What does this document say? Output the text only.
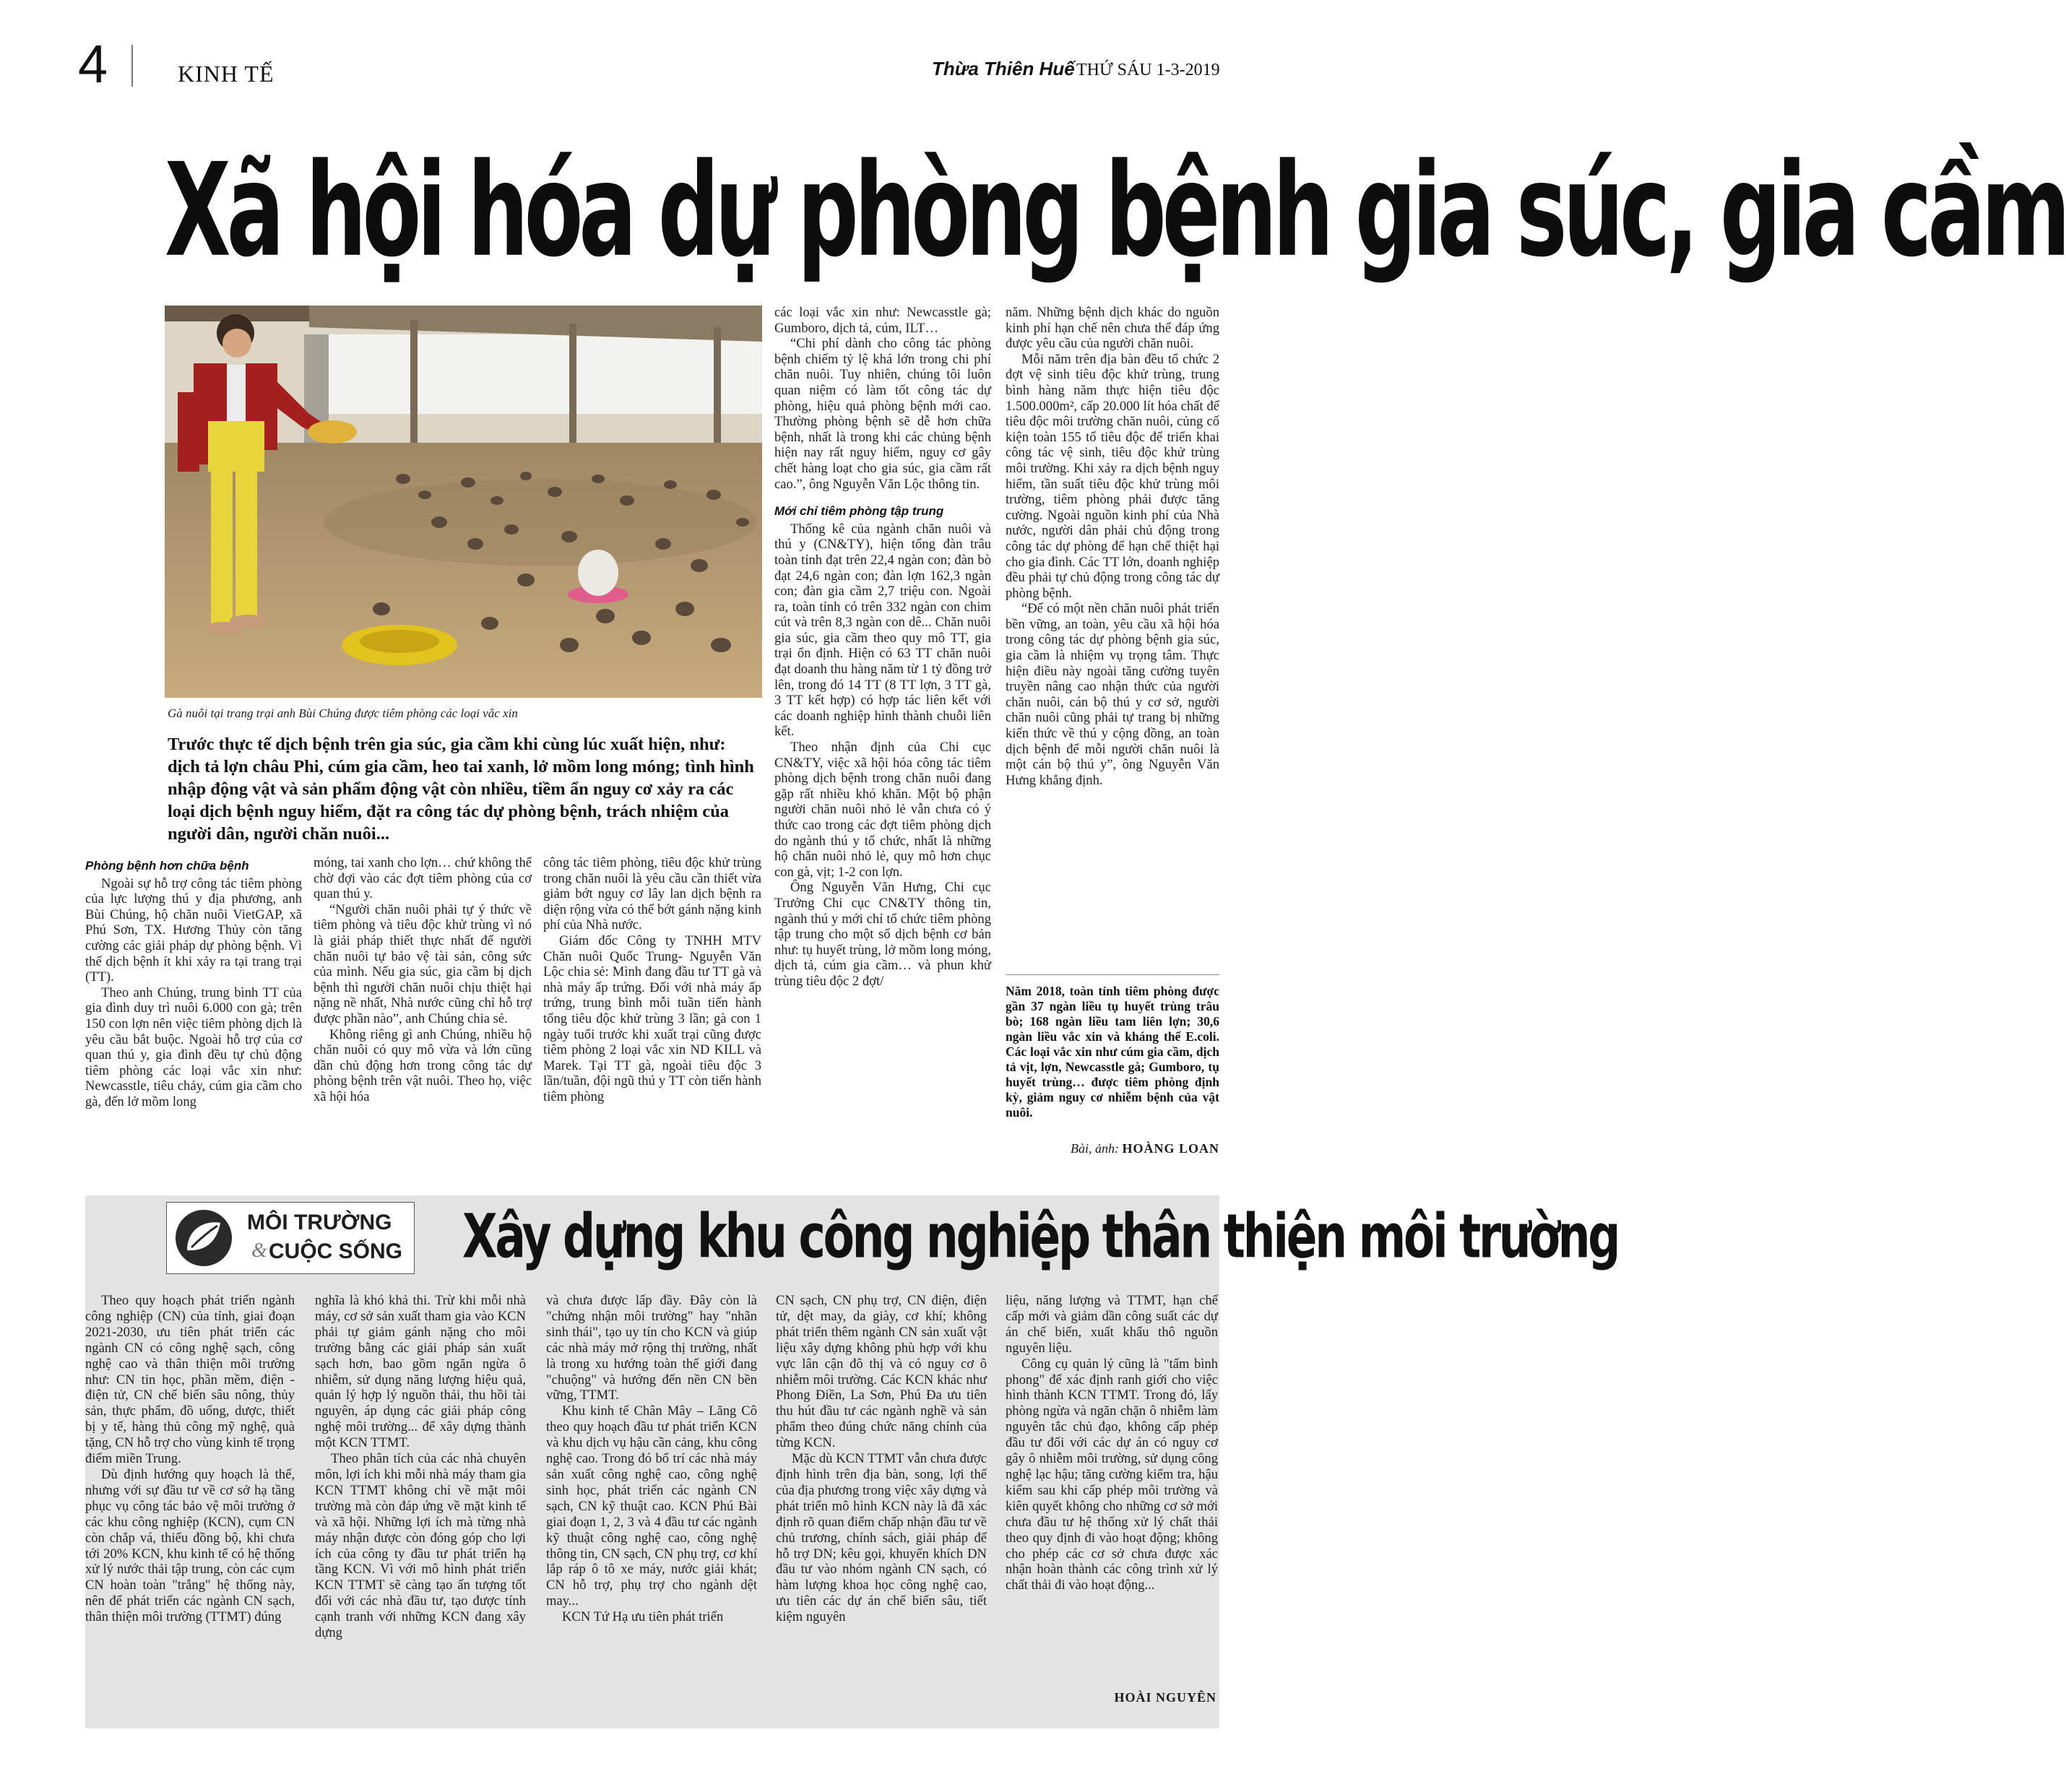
4	KINH TẾ	Thừa Thiên Huế THỨ SÁU 1-3-2019
Xã hội hóa dự phòng bệnh gia súc, gia cầm
Gà nuôi tại trang trại anh Bùi Chúng được tiêm phòng các loại vắc xin
Trước thực tế dịch bệnh trên gia súc, gia cầm khi cùng lúc xuất hiện, như: dịch tả lợn châu Phi, cúm gia cầm, heo tai xanh, lở mồm long móng; tình hình nhập động vật và sản phẩm động vật còn nhiều, tiềm ẩn nguy cơ xảy ra các loại dịch bệnh nguy hiểm, đặt ra công tác dự phòng bệnh, trách nhiệm của người dân, người chăn nuôi...
Phòng bệnh hơn chữa bệnh

Ngoài sự hỗ trợ công tác tiêm phòng của lực lượng thú y địa phương, anh Bùi Chúng, hộ chăn nuôi VietGAP, xã Phú Sơn, TX. Hương Thủy còn tăng cường các giải pháp dự phòng bệnh. Vì thế dịch bệnh ít khi xảy ra tại trang trại (TT).

Theo anh Chúng, trung bình TT của gia đình duy trì nuôi 6.000 con gà; trên 150 con lợn nên việc tiêm phòng dịch là yêu cầu bắt buộc. Ngoài hỗ trợ của cơ quan thú y, gia đình đều tự chủ động tiêm phòng các loại vắc xin như: Newcasstle, tiêu chảy, cúm gia cầm cho gà, đến lở mồm long

móng, tai xanh cho lợn… chứ không thể chờ đợi vào các đợt tiêm phòng của cơ quan thú y.

“Người chăn nuôi phải tự ý thức về tiêm phòng và tiêu độc khử trùng vì nó là giải pháp thiết thực nhất để người chăn nuôi tự bảo vệ tài sản, công sức của mình. Nếu gia súc, gia cầm bị dịch bệnh thì người chăn nuôi chịu thiệt hại nặng nề nhất, Nhà nước cũng chỉ hỗ trợ được phần nào”, anh Chúng chia sẻ.

Không riêng gì anh Chúng, nhiều hộ chăn nuôi có quy mô vừa và lớn cũng dần chủ động hơn trong công tác dự phòng bệnh trên vật nuôi. Theo họ, việc xã hội hóa

công tác tiêm phòng, tiêu độc khử trùng trong chăn nuôi là yêu cầu cần thiết vừa giảm bớt nguy cơ lây lan dịch bệnh ra diện rộng vừa có thể bớt gánh nặng kinh phí của Nhà nước.

Giám đốc Công ty TNHH MTV Chăn nuôi Quốc Trung- Nguyễn Văn Lộc chia sẻ: Mình đang đầu tư TT gà và nhà máy ấp trứng. Đối với nhà máy ấp trứng, trung bình mỗi tuần tiến hành tổng tiêu độc khử trùng 3 lần; gà con 1 ngày tuổi trước khi xuất trại cũng được tiêm phòng 2 loại vắc xin ND KILL và Marek. Tại TT gà, ngoài tiêu độc 3 lần/tuần, đội ngũ thú y TT còn tiến hành tiêm phòng

các loại vắc xin như: Newcasstle gà; Gumboro, dịch tả, cúm, ILT…

“Chi phí dành cho công tác phòng bệnh chiếm tỷ lệ khá lớn trong chi phí chăn nuôi. Tuy nhiên, chúng tôi luôn quan niệm có làm tốt công tác dự phòng, hiệu quả phòng bệnh mới cao. Thường phòng bệnh sẽ dễ hơn chữa bệnh, nhất là trong khi các chủng bệnh hiện nay rất nguy hiểm, nguy cơ gây chết hàng loạt cho gia súc, gia cầm rất cao.”, ông Nguyễn Văn Lộc thông tin.

Mới chỉ tiêm phòng tập trung

Thống kê của ngành chăn nuôi và thú y (CN&TY), hiện tổng đàn trâu toàn tỉnh đạt trên 22,4 ngàn con; đàn bò đạt 24,6 ngàn con; đàn lợn 162,3 ngàn con; đàn gia cầm 2,7 triệu con. Ngoài ra, toàn tỉnh có trên 332 ngàn con chim cút và trên 8,3 ngàn con dê... Chăn nuôi gia súc, gia cầm theo quy mô TT, gia trại ổn định. Hiện có 63 TT chăn nuôi đạt doanh thu hàng năm từ 1 tỷ đồng trở lên, trong đó 14 TT (8 TT lợn, 3 TT gà, 3 TT kết hợp) có hợp tác liên kết với các doanh nghiệp hình thành chuỗi liên kết.

Theo nhận định của Chi cục CN&TY, việc xã hội hóa công tác tiêm phòng dịch bệnh trong chăn nuôi đang gặp rất nhiều khó khăn. Một bộ phận người chăn nuôi nhỏ lẻ vẫn chưa có ý thức cao trong các đợt tiêm phòng dịch do ngành thú y tổ chức, nhất là những hộ chăn nuôi nhỏ lẻ, quy mô hơn chục con gà, vịt; 1-2 con lợn.

Ông Nguyễn Văn Hưng, Chi cục Trưởng Chi cục CN&TY thông tin, ngành thú y mới chỉ tổ chức tiêm phòng tập trung cho một số dịch bệnh cơ bản như: tụ huyết trùng, lở mồm long móng, dịch tả, cúm gia cầm… và phun khử trùng tiêu độc 2 đợt/

năm. Những bệnh dịch khác do nguồn kinh phí hạn chế nên chưa thể đáp ứng được yêu cầu của người chăn nuôi.

Mỗi năm trên địa bàn đều tổ chức 2 đợt vệ sinh tiêu độc khử trùng, trung bình hàng năm thực hiện tiêu độc 1.500.000m², cấp 20.000 lít hóa chất để tiêu độc môi trường chăn nuôi, củng cố kiện toàn 155 tổ tiêu độc để triển khai công tác vệ sinh, tiêu độc khử trùng môi trường. Khi xảy ra dịch bệnh nguy hiểm, tần suất tiêu độc khử trùng môi trường, tiêm phòng phải được tăng cường. Ngoài nguồn kinh phí của Nhà nước, người dân phải chủ động trong công tác dự phòng để hạn chế thiệt hại cho gia đình. Các TT lớn, doanh nghiệp đều phải tự chủ động trong công tác dự phòng bệnh.

“Để có một nền chăn nuôi phát triển bền vững, an toàn, yêu cầu xã hội hóa trong công tác dự phòng bệnh gia súc, gia cầm là nhiệm vụ trọng tâm. Thực hiện điều này ngoài tăng cường tuyên truyền nâng cao nhận thức của người chăn nuôi, cán bộ thú y cơ sở, người chăn nuôi cũng phải tự trang bị những kiến thức về thú y cộng đồng, an toàn dịch bệnh để mỗi người chăn nuôi là một cán bộ thú y”, ông Nguyễn Văn Hưng khẳng định.

Năm 2018, toàn tỉnh tiêm phòng được gần 37 ngàn liều tụ huyết trùng trâu bò; 168 ngàn liều tam liên lợn; 30,6 ngàn liều vắc xin và kháng thể E.coli. Các loại vắc xin như cúm gia cầm, dịch tả vịt, lợn, Newcasstle gà; Gumboro, tụ huyết trùng… được tiêm phòng định kỳ, giảm nguy cơ nhiễm bệnh của vật nuôi.
Bài, ảnh: HOÀNG LOAN
MÔI TRƯỜNG
& CUỘC SỐNG Xây dựng khu công nghiệp thân thiện môi trường

Theo quy hoạch phát triển ngành công nghiệp (CN) của tỉnh, giai đoạn 2021-2030, ưu tiên phát triển các ngành CN có công nghệ sạch, công nghệ cao và thân thiện môi trường như: CN tin học, phần mềm, điện - điện tử, CN chế biến sâu nông, thủy sản, thực phẩm, đồ uống, dược, thiết bị y tế, hàng thủ công mỹ nghệ, quà tặng, CN hỗ trợ cho vùng kinh tế trọng điểm miền Trung.

Dù định hướng quy hoạch là thế, nhưng với sự đầu tư về cơ sở hạ tầng phục vụ công tác bảo vệ môi trường ở các khu công nghiệp (KCN), cụm CN còn chắp vá, thiếu đồng bộ, khi chưa tới 20% KCN, khu kinh tế có hệ thống xử lý nước thải tập trung, còn các cụm CN hoàn toàn "trắng" hệ thống này, nên để phát triển các ngành CN sạch, thân thiện môi trường (TTMT) đúng

nghĩa là khó khả thi. Trừ khi mỗi nhà máy, cơ sở sản xuất tham gia vào KCN phải tự giảm gánh nặng cho môi trường bằng các giải pháp sản xuất sạch hơn, bao gồm ngăn ngừa ô nhiễm, sử dụng năng lượng hiệu quả, quản lý hợp lý nguồn thải, thu hồi tài nguyên, áp dụng các giải pháp công nghệ môi trường... để xây dựng thành một KCN TTMT.

Theo phân tích của các nhà chuyên môn, lợi ích khi mỗi nhà máy tham gia KCN TTMT không chỉ về mặt môi trường mà còn đáp ứng về mặt kinh tế và xã hội. Những lợi ích mà từng nhà máy nhận được còn đóng góp cho lợi ích của công ty đầu tư phát triển hạ tầng KCN. Vì với mô hình phát triển KCN TTMT sẽ càng tạo ấn tượng tốt đối với các nhà đầu tư, tạo được tính cạnh tranh với những KCN đang xây dựng

và chưa được lấp đầy. Đây còn là "chứng nhận môi trường" hay "nhãn sinh thái", tạo uy tín cho KCN và giúp các nhà máy mở rộng thị trường, nhất là trong xu hướng toàn thế giới đang "chuộng" và hướng đến nền CN bền vững, TTMT.

Khu kinh tế Chân Mây – Lăng Cô theo quy hoạch đầu tư phát triển KCN và khu dịch vụ hậu cần cảng, khu công nghệ cao. Trong đó bố trí các nhà máy sản xuất công nghệ cao, công nghệ sinh học, phát triển các ngành CN sạch, CN kỹ thuật cao. KCN Phú Bài giai đoạn 1, 2, 3 và 4 đầu tư các ngành kỹ thuật công nghệ cao, công nghệ thông tin, CN sạch, CN phụ trợ, cơ khí lắp ráp ô tô xe máy, nước giải khát; CN hỗ trợ, phụ trợ cho ngành dệt may...

KCN Tứ Hạ ưu tiên phát triển

CN sạch, CN phụ trợ, CN điện, điện tử, dệt may, da giày, cơ khí; không phát triển thêm ngành CN sản xuất vật liệu xây dựng không phù hợp với khu vực lân cận đô thị và có nguy cơ ô nhiễm môi trường. Các KCN khác như Phong Điền, La Sơn, Phú Đa ưu tiên thu hút đầu tư các ngành nghề và sản phẩm theo đúng chức năng chính của từng KCN.

Mặc dù KCN TTMT vẫn chưa được định hình trên địa bàn, song, lợi thế của địa phương trong việc xây dựng và phát triển mô hình KCN này là đã xác định rõ quan điểm chấp nhận đầu tư về chủ trương, chính sách, giải pháp để hỗ trợ DN; kêu gọi, khuyến khích DN đầu tư vào nhóm ngành CN sạch, có hàm lượng khoa học công nghệ cao, ưu tiên các dự án chế biến sâu, tiết kiệm nguyên

liệu, năng lượng và TTMT, hạn chế cấp mới và giảm dần công suất các dự án chế biến, xuất khẩu thô nguồn nguyên liệu.

Công cụ quản lý cũng là "tấm bình phong" để xác định ranh giới cho việc hình thành KCN TTMT. Trong đó, lấy phòng ngừa và ngăn chặn ô nhiễm làm nguyên tắc chủ đạo, không cấp phép đầu tư đối với các dự án có nguy cơ gây ô nhiễm môi trường, sử dụng công nghệ lạc hậu; tăng cường kiểm tra, hậu kiểm sau khi cấp phép môi trường và kiên quyết không cho những cơ sở mới chưa đầu tư hệ thống xử lý chất thải theo quy định đi vào hoạt động; không cho phép các cơ sở chưa được xác nhận hoàn thành các công trình xử lý chất thải đi vào hoạt động...

HOÀI NGUYÊN
